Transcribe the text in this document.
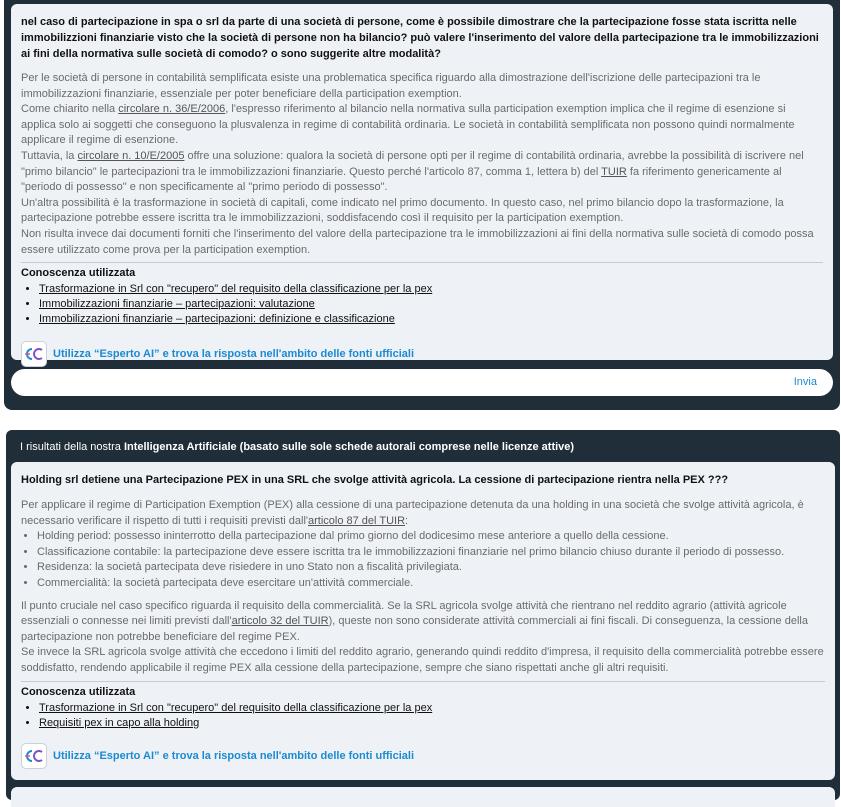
nel caso di partecipazione in spa o srl da parte di una società di persone, come è possibile dimostrare che la partecipazione fosse stata iscritta nelle immobilizzioni finanziarie visto che la società di persone non ha bilancio? può valere l'inserimento del valore della partecipazione tra le immobilizzazioni ai fini della normativa sulle società di comodo? o sono suggerite altre modalità?

Per le società di persone in contabilità semplificata esiste una problematica specifica riguardo alla dimostrazione dell'iscrizione delle partecipazioni tra le immobilizzazioni finanziarie, essenziale per poter beneficiare della participation exemption.

Come chiarito nella circolare n. 36/E/2006, l'espresso riferimento al bilancio nella normativa sulla participation exemption implica che il regime di esenzione si applica solo ai soggetti che conseguono la plusvalenza in regime di contabilità ordinaria. Le società in contabilità semplificata non possono quindi normalmente applicare il regime di esenzione.

Tuttavia, la circolare n. 10/E/2005 offre una soluzione: qualora la società di persone opti per il regime di contabilità ordinaria, avrebbe la possibilità di iscrivere nel "primo bilancio" le partecipazioni tra le immobilizzazioni finanziarie. Questo perché l'articolo 87, comma 1, lettera b) del TUIR fa riferimento genericamente al "periodo di possesso" e non specificamente al "primo periodo di possesso".

Un'altra possibilità è la trasformazione in società di capitali, come indicato nel primo documento. In questo caso, nel primo bilancio dopo la trasformazione, la partecipazione potrebbe essere iscritta tra le immobilizzazioni, soddisfacendo così il requisito per la participation exemption.

Non risulta invece dai documenti forniti che l'inserimento del valore della partecipazione tra le immobilizzazioni ai fini della normativa sulle società di comodo possa essere utilizzato come prova per la participation exemption.

Conoscenza utilizzata
• Trasformazione in Srl con "recupero" del requisito della classificazione per la pex
• Immobilizzazioni finanziarie – partecipazioni: valutazione
• Immobilizzazioni finanziarie – partecipazioni: definizione e classificazione
Utilizza “Esperto AI” e trova la risposta nell'ambito delle fonti ufficiali
Invia
I risultati della nostra Intelligenza Artificiale (basato sulle sole schede autorali comprese nelle licenze attive)
Holding srl detiene una Partecipazione PEX in una SRL che svolge attività agricola. La cessione di partecipazione rientra nella PEX ???

Per applicare il regime di Participation Exemption (PEX) alla cessione di una partecipazione detenuta da una holding in una società che svolge attività agricola, è necessario verificare il rispetto di tutti i requisiti previsti dall'articolo 87 del TUIR:

• Holding period: possesso ininterrotto della partecipazione dal primo giorno del dodicesimo mese anteriore a quello della cessione.
• Classificazione contabile: la partecipazione deve essere iscritta tra le immobilizzazioni finanziarie nel primo bilancio chiuso durante il periodo di possesso.
• Residenza: la società partecipata deve risiedere in uno Stato non a fiscalità privilegiata.
• Commercialità: la società partecipata deve esercitare un'attività commerciale.

Il punto cruciale nel caso specifico riguarda il requisito della commercialità. Se la SRL agricola svolge attività che rientrano nel reddito agrario (attività agricole essenziali o connesse nei limiti previsti dall'articolo 32 del TUIR), queste non sono considerate attività commerciali ai fini fiscali. Di conseguenza, la cessione della partecipazione non potrebbe beneficiare del regime PEX.

Se invece la SRL agricola svolge attività che eccedono i limiti del reddito agrario, generando quindi reddito d'impresa, il requisito della commercialità potrebbe essere soddisfatto, rendendo applicabile il regime PEX alla cessione della partecipazione, sempre che siano rispettati anche gli altri requisiti.

Conoscenza utilizzata
• Trasformazione in Srl con "recupero" del requisito della classificazione per la pex
• Requisiti pex in capo alla holding
Utilizza “Esperto AI” e trova la risposta nell'ambito delle fonti ufficiali
